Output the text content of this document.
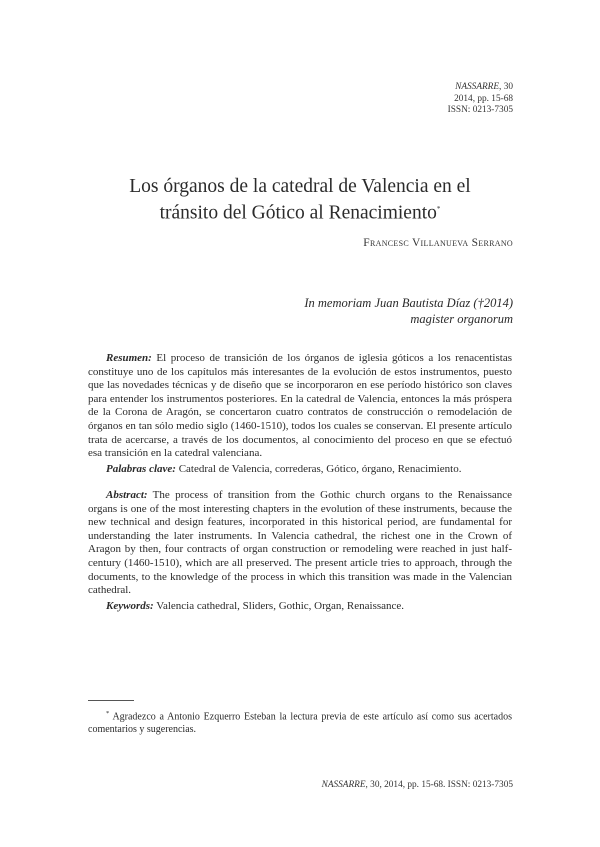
NASSARRE, 30
2014, pp. 15-68
ISSN: 0213-7305
Los órganos de la catedral de Valencia en el
tránsito del Gótico al Renacimiento*
Francesc Villanueva Serrano
In memoriam Juan Bautista Díaz (†2014)
magister organorum

Resumen: El proceso de transición de los órganos de iglesia góticos a los renacentistas constituye uno de los capítulos más interesantes de la evolución de estos instrumentos, puesto que las novedades técnicas y de diseño que se incorporaron en ese período histórico son claves para entender los instrumentos posteriores. En la catedral de Valencia, entonces la más próspera de la Corona de Aragón, se concertaron cuatro contratos de construcción o remodelación de órganos en tan sólo medio siglo (1460-1510), todos los cuales se conservan. El presente artículo trata de acercarse, a través de los documentos, al conocimiento del proceso en que se efectuó esa transición en la catedral valenciana.

Palabras clave: Catedral de Valencia, correderas, Gótico, órgano, Renacimiento.

Abstract: The process of transition from the Gothic church organs to the Renaissance organs is one of the most interesting chapters in the evolution of these instruments, because the new technical and design features, incorporated in this historical period, are fundamental for understanding the later instruments. In Valencia cathedral, the richest one in the Crown of Aragon by then, four contracts of organ construction or remodeling were reached in just half-century (1460-1510), which are all preserved. The present article tries to approach, through the documents, to the knowledge of the process in which this transition was made in the Valencian cathedral.

Keywords: Valencia cathedral, Sliders, Gothic, Organ, Renaissance.

* Agradezco a Antonio Ezquerro Esteban la lectura previa de este artículo así como sus acertados comentarios y sugerencias.
NASSARRE, 30, 2014, pp. 15-68. ISSN: 0213-7305
